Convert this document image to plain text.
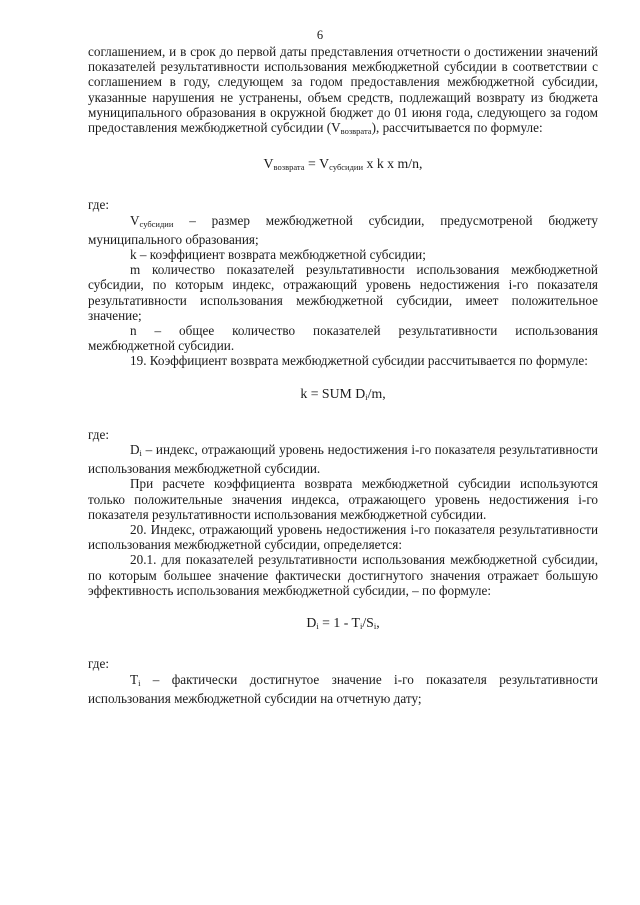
6

соглашением, и в срок до первой даты представления отчетности о достижении значений показателей результативности использования межбюджетной субсидии в соответствии с соглашением в году, следующем за годом предоставления межбюджетной субсидии, указанные нарушения не устранены, объем средств, подлежащий возврату из бюджета муниципального образования в окружной бюджет до 01 июня года, следующего за годом предоставления межбюджетной субсидии $(V_{возврата})$, рассчитывается по формуле:

$V_{возврата} = V_{субсидии}$ x k x m/n,

где:

$V_{субсидии}$ – размер межбюджетной субсидии, предусмотреной бюджету муниципального образования;

k – коэффициент возврата межбюджетной субсидии;

m количество показателей результативности использования межбюджетной субсидии, по которым индекс, отражающий уровень недостижения i-го показателя результативности использования межбюджетной субсидии, имеет положительное значение;

n – общее количество показателей результативности использования межбюджетной субсидии.

19. Коэффициент возврата межбюджетной субсидии рассчитывается по формуле:

k = SUM $D_i/m$,

где:

$D_i$ – индекс, отражающий уровень недостижения i-го показателя результативности использования межбюджетной субсидии.

При расчете коэффициента возврата межбюджетной субсидии используются только положительные значения индекса, отражающего уровень недостижения i-го показателя результативности использования межбюджетной субсидии.

20. Индекс, отражающий уровень недостижения i-го показателя результативности использования межбюджетной субсидии, определяется:

20.1. для показателей результативности использования межбюджетной субсидии, по которым большее значение фактически достигнутого значения отражает большую эффективность использования межбюджетной субсидии, – по формуле:

$D_i = 1 - T_i/S_i$,

где:

$T_i$ – фактически достигнутое значение i-го показателя результативности использования межбюджетной субсидии на отчетную дату;
